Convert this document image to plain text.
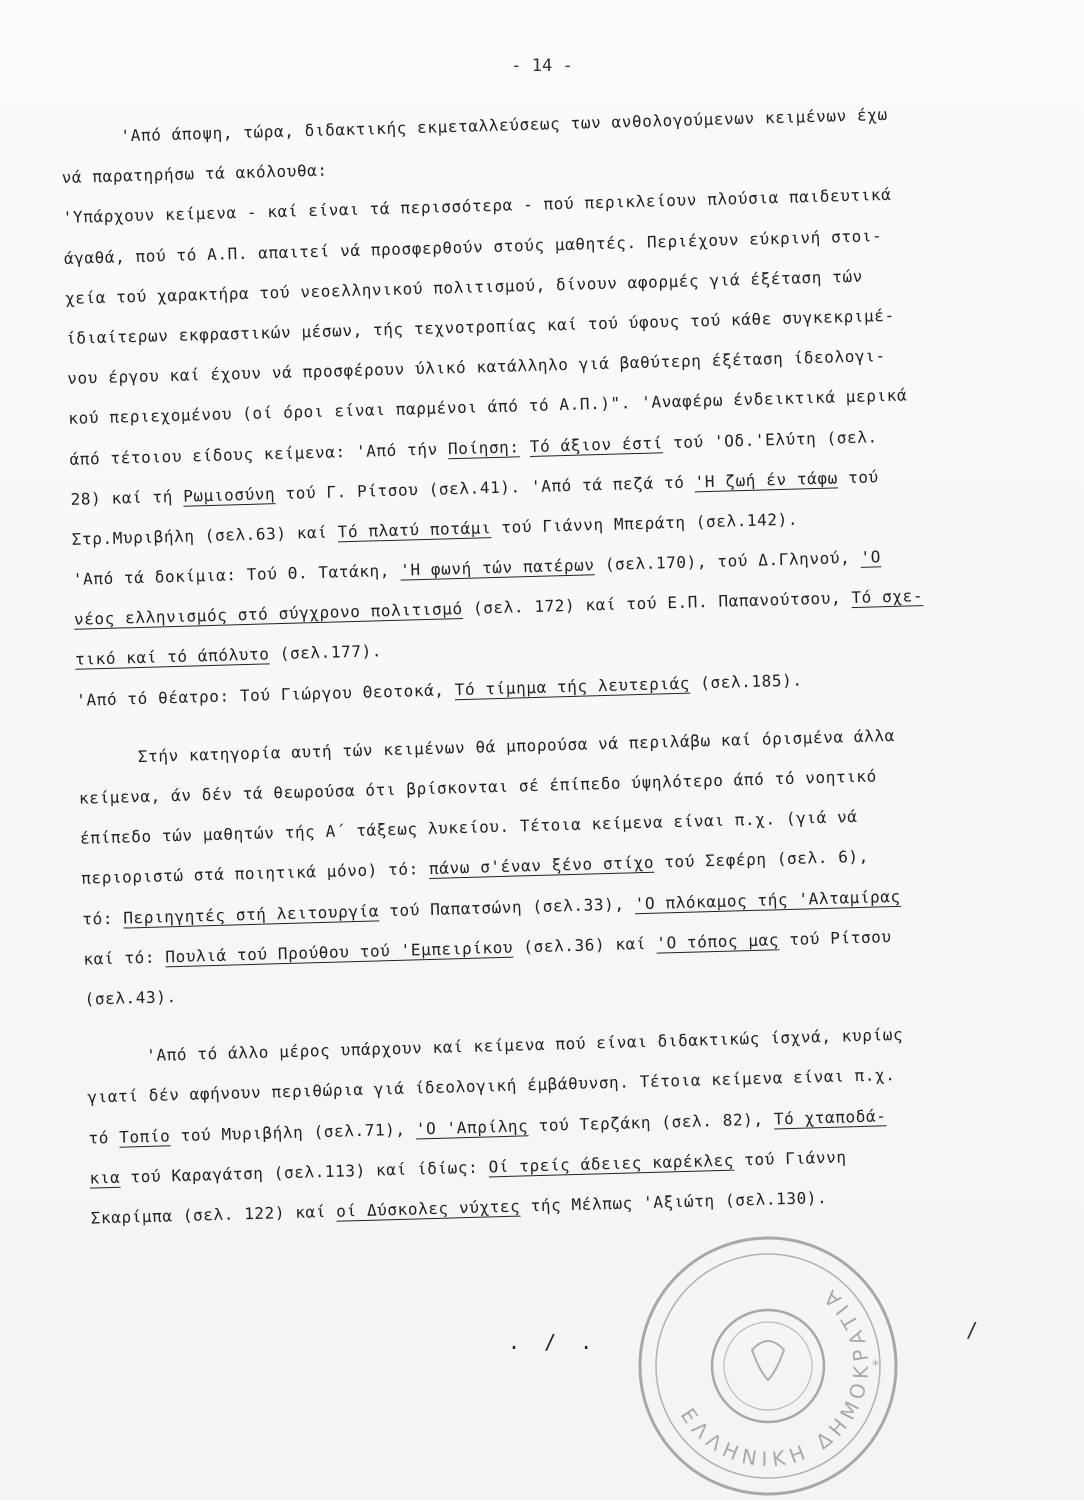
- 14 -
'Από άποψη, τώρα, διδακτικής εκμεταλλεύσεως των ανθολογούμενων κειμένων έχω
νά παρατηρήσω τά ακόλουθα:
'Υπάρχουν κείμενα - καί είναι τά περισσότερα - πού περικλείουν πλούσια παιδευτικά
άγαθά, πού τό Α.Π. απαιτεί νά προσφερθούν στούς μαθητές. Περιέχουν εύκρινή στοι-
χεία τού χαρακτήρα τού νεοελληνικού πολιτισμού, δίνουν αφορμές γιά έξέταση τών
ίδιαίτερων εκφραστικών μέσων, τής τεχνοτροπίας καί τού ύφους τού κάθε συγκεκριμέ-
νου έργου καί έχουν νά προσφέρουν ύλικό κατάλληλο γιά βαθύτερη έξέταση ίδεολογι-
κού περιεχομένου (οί όροι είναι παρμένοι άπό τό Α.Π.)". 'Αναφέρω ένδεικτικά μερικά
άπό τέτοιου είδους κείμενα: 'Από τήν Ποίηση: Τό άξιον έστί τού 'Οδ.'Ελύτη (σελ.
28) καί τή Ρωμιοσύνη τού Γ. Ρίτσου (σελ.41). 'Από τά πεζά τό 'Η ζωή έν τάφω τού
Στρ.Μυριβήλη (σελ.63) καί Τό πλατύ ποτάμι τού Γιάννη Μπεράτη (σελ.142).
'Από τά δοκίμια: Τού Θ. Τατάκη, 'Η φωνή τών πατέρων (σελ.170), τού Δ.Γληνού, 'Ο
νέος ελληνισμός στό σύγχρονο πολιτισμό (σελ. 172) καί τού Ε.Π. Παπανούτσου, Τό σχε-
τικό καί τό άπόλυτο (σελ.177).
'Από τό θέατρο: Τού Γιώργου Θεοτοκά, Τό τίμημα τής λευτεριάς (σελ.185).
Στήν κατηγορία αυτή τών κειμένων θά μπορούσα νά περιλάβω καί όρισμένα άλλα
κείμενα, άν δέν τά θεωρούσα ότι βρίσκονται σέ έπίπεδο ύψηλότερο άπό τό νοητικό
έπίπεδο τών μαθητών τής Α΄ τάξεως λυκείου. Τέτοια κείμενα είναι π.χ. (γιά νά
περιοριστώ στά ποιητικά μόνο) τό: πάνω σ'έναν ξένο στίχο τού Σεφέρη (σελ. 6),
τό: Περιηγητές στή λειτουργία τού Παπατσώνη (σελ.33), 'Ο πλόκαμος τής 'Αλταμίρας
καί τό: Πουλιά τού Προύθου τού 'Εμπειρίκου (σελ.36) καί 'Ο τόπος μας τού Ρίτσου
(σελ.43).
'Από τό άλλο μέρος υπάρχουν καί κείμενα πού είναι διδακτικώς ίσχνά, κυρίως
γιατί δέν αφήνουν περιθώρια γιά ίδεολογική έμβάθυνση. Τέτοια κείμενα είναι π.χ.
τό Τοπίο τού Μυριβήλη (σελ.71), 'Ο 'Απρίλης τού Τερζάκη (σελ. 82), Τό χταποδά-
κια τού Καραγάτση (σελ.113) καί ίδίως: Οί τρείς άδειες καρέκλες τού Γιάννη
Σκαρίμπα (σελ. 122) καί οί Δύσκολες νύχτες τής Μέλπως 'Αξιώτη (σελ.130).
. / .	/
ΕΛΛΗΝΙΚΗ ΔΗΜΟΚΡΑΤΙΑ
*
